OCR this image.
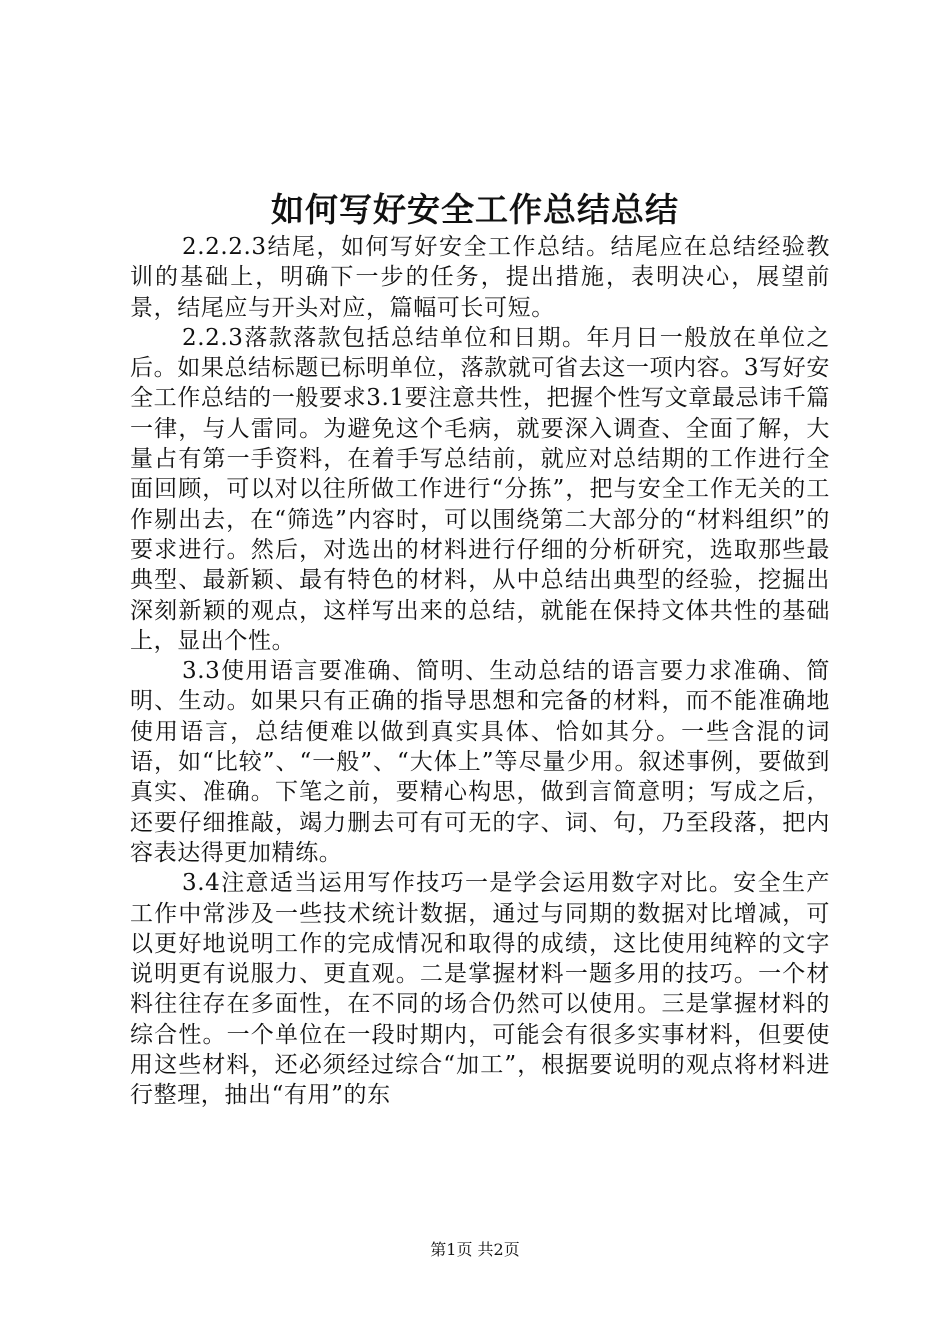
如何写好安全工作总结总结

2.2.2.3结尾，如何写好安全工作总结。结尾应在总结经验教训的基础上，明确下一步的任务，提出措施，表明决心，展望前景，结尾应与开头对应，篇幅可长可短。

2.2.3落款落款包括总结单位和日期。年月日一般放在单位之后。如果总结标题已标明单位，落款就可省去这一项内容。3写好安全工作总结的一般要求3.1要注意共性，把握个性写文章最忌讳千篇一律，与人雷同。为避免这个毛病，就要深入调查、全面了解，大量占有第一手资料，在着手写总结前，就应对总结期的工作进行全面回顾，可以对以往所做工作进行“分拣”，把与安全工作无关的工作剔出去，在“筛选”内容时，可以围绕第二大部分的“材料组织”的要求进行。然后，对选出的材料进行仔细的分析研究，选取那些最典型、最新颖、最有特色的材料，从中总结出典型的经验，挖掘出深刻新颖的观点，这样写出来的总结，就能在保持文体共性的基础上，显出个性。

3.3使用语言要准确、简明、生动总结的语言要力求准确、简明、生动。如果只有正确的指导思想和完备的材料，而不能准确地使用语言，总结便难以做到真实具体、恰如其分。一些含混的词语，如“比较”、“一般”、“大体上”等尽量少用。叙述事例，要做到真实、准确。下笔之前，要精心构思，做到言简意明；写成之后，还要仔细推敲，竭力删去可有可无的字、词、句，乃至段落，把内容表达得更加精练。

3.4注意适当运用写作技巧一是学会运用数字对比。安全生产工作中常涉及一些技术统计数据，通过与同期的数据对比增减，可以更好地说明工作的完成情况和取得的成绩，这比使用纯粹的文字说明更有说服力、更直观。二是掌握材料一题多用的技巧。一个材料往往存在多面性，在不同的场合仍然可以使用。三是掌握材料的综合性。一个单位在一段时期内，可能会有很多实事材料，但要使用这些材料，还必须经过综合“加工”，根据要说明的观点将材料进行整理，抽出“有用”的东

第1页 共2页
